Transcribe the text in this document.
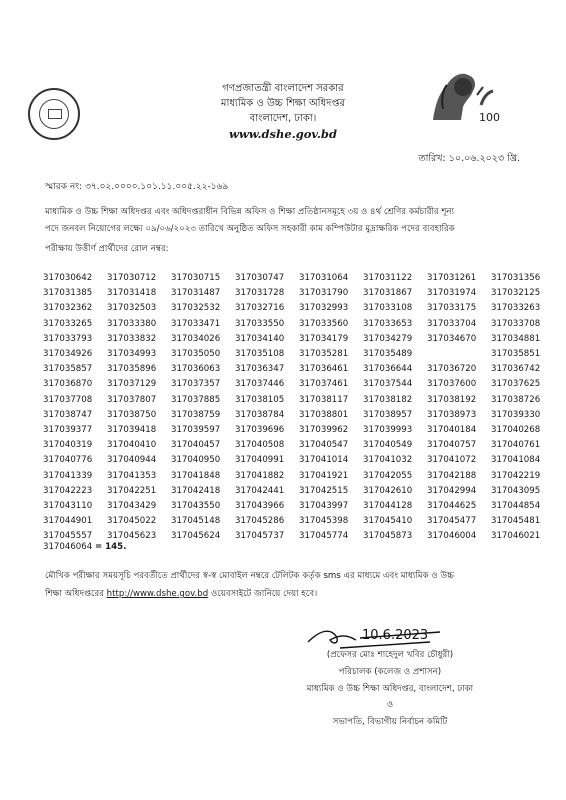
গণপ্রজাতন্ত্রী বাংলাদেশ সরকার
মাধ্যমিক ও উচ্চ শিক্ষা অধিদপ্তর
বাংলাদেশ, ঢাকা।
www.dshe.gov.bd
100
তারিখ: ১০.০৬.২০২৩ খ্রি.
স্মারক নং: ৩৭.০২.০০০০.১০১.১১.০০৫.২২-১৬৯
মাধ্যমিক ও উচ্চ শিক্ষা অধিদপ্তর এবং অধিদপ্তরাধীন বিভিন্ন অফিস ও শিক্ষা প্রতিষ্ঠানসমূহে ৩য় ও ৪র্থ শ্রেণির কর্মচারীর শূন্য
পদে জনবল নিয়োগের লক্ষ্যে ০৯/০৬/২০২৩ তারিখে অনুষ্ঠিত অফিস সহকারী কাম কম্পিউটার মুদ্রাক্ষরিক পদের ব্যবহারিক
পরীক্ষায় উত্তীর্ণ প্রার্থীদের রোল নম্বর:
317030642 317030712 317030715 317030747 317031064 317031122 317031261 317031356
317031385 317031418 317031487 317031728 317031790 317031867 317031974 317032125
317032362 317032503 317032532 317032716 317032993 317033108 317033175 317033263
317033265 317033380 317033471 317033550 317033560 317033653 317033704 317033708
317033793 317033832 317034026 317034140 317034179 317034279 317034670 317034881
317034926 317034993 317035050 317035108 317035281 317035489	317035851
317035857 317035896 317036063 317036347 317036461 317036644 317036720 317036742
317036870 317037129 317037357 317037446 317037461 317037544 317037600 317037625
317037708 317037807 317037885 317038105 317038117 317038182 317038192 317038726
317038747 317038750 317038759 317038784 317038801 317038957 317038973 317039330
317039377 317039418 317039597 317039696 317039962 317039993 317040184 317040268
317040319 317040410 317040457 317040508 317040547 317040549 317040757 317040761
317040776 317040944 317040950 317040991 317041014 317041032 317041072 317041084
317041339 317041353 317041848 317041882 317041921 317042055 317042188 317042219
317042223 317042251 317042418 317042441 317042515 317042610 317042994 317043095
317043110 317043429 317043550 317043966 317043997 317044128 317044625 317044854
317044901 317045022 317045148 317045286 317045398 317045410 317045477 317045481
317045557 317045623 317045624 317045737 317045774 317045873 317046004 317046021
317046064 = 145.
মৌখিক পরীক্ষার সময়সূচি পরবর্তীতে প্রার্থীদের স্ব-স্ব মোবাইল নম্বরে টেলিটক কর্তৃক sms এর মাধ্যমে এবং মাধ্যমিক ও উচ্চ
শিক্ষা অধিদপ্তরের http://www.dshe.gov.bd ওয়েবসাইটে জানিয়ে দেয়া হবে।
10.6.2023
(প্রফেসর মোঃ শাহেদুল খবির চৌধুরী)
পরিচালক (কলেজ ও প্রশাসন)
মাধ্যমিক ও উচ্চ শিক্ষা অধিদপ্তর, বাংলাদেশ, ঢাকা
ও
সভাপতি, বিভাগীয় নির্বাচন কমিটি
